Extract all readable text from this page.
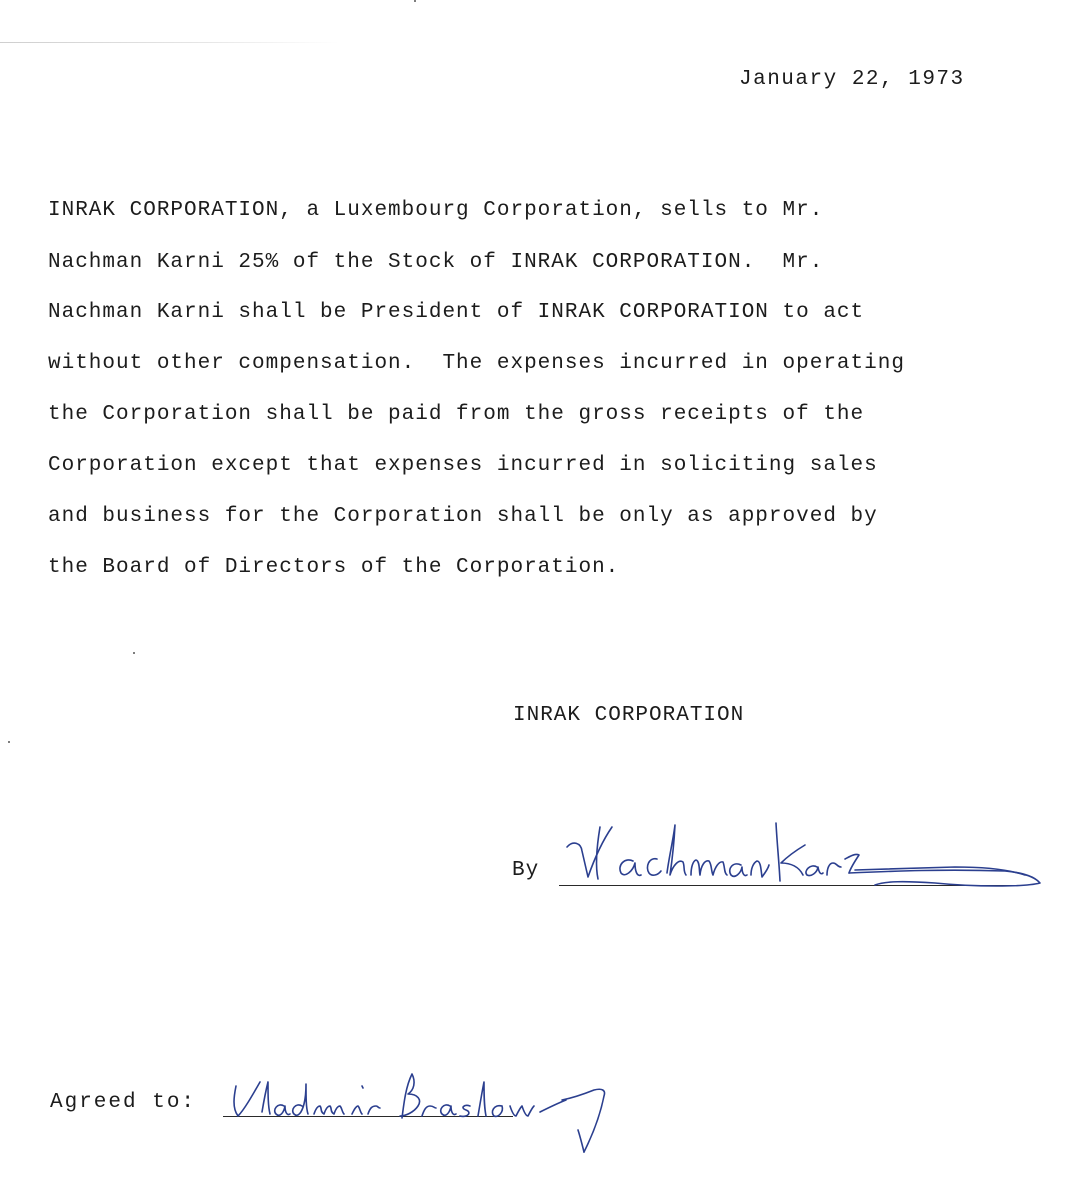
January 22, 1973
INRAK CORPORATION, a Luxembourg Corporation, sells to Mr.
Nachman Karni 25% of the Stock of INRAK CORPORATION.  Mr.
Nachman Karni shall be President of INRAK CORPORATION to act
without other compensation.  The expenses incurred in operating
the Corporation shall be paid from the gross receipts of the
Corporation except that expenses incurred in soliciting sales
and business for the Corporation shall be only as approved by
the Board of Directors of the Corporation.
INRAK CORPORATION
By
Agreed to:
